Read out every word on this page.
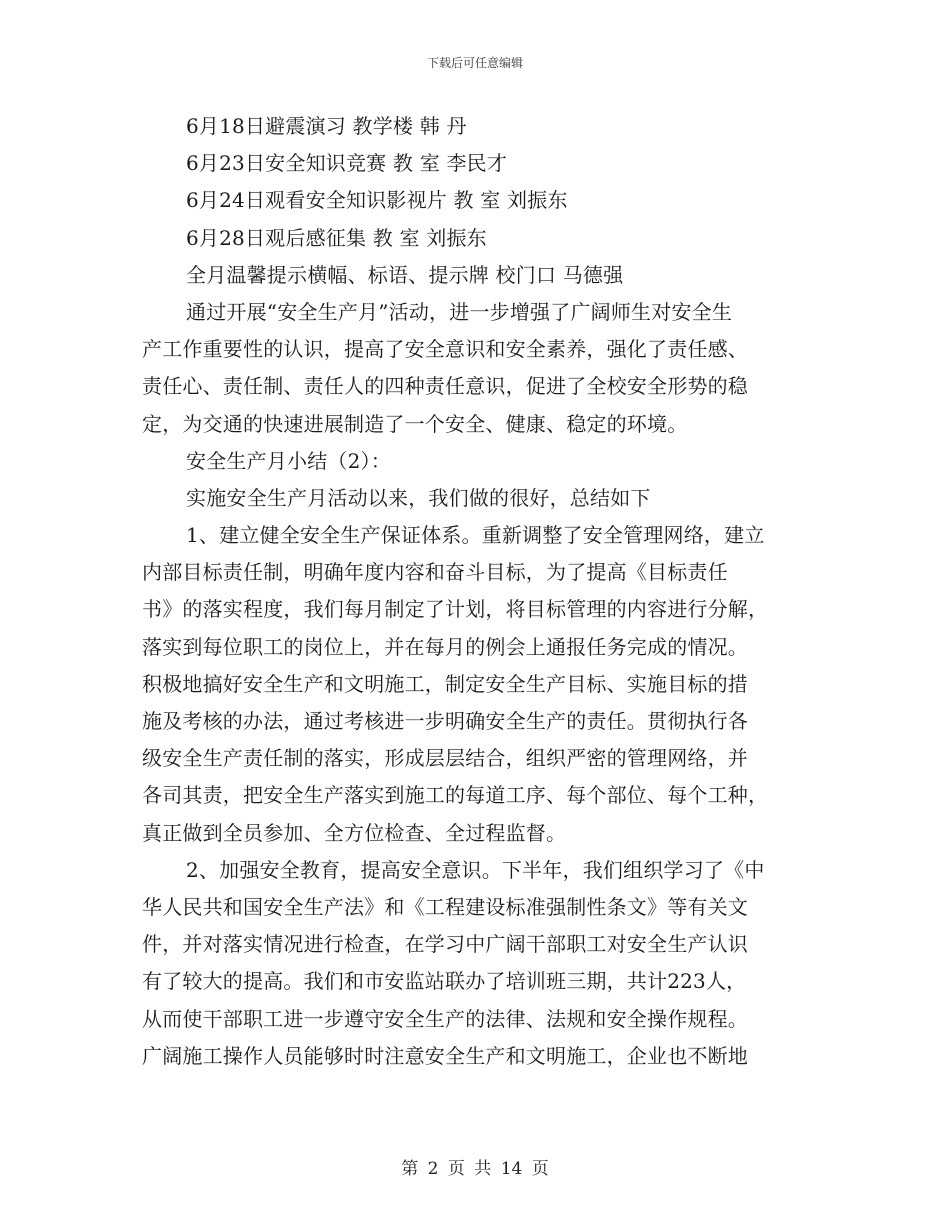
下载后可任意编辑
6月18日避震演习 教学楼 韩 丹
6月23日安全知识竞赛 教 室 李民才
6月24日观看安全知识影视片 教 室 刘振东
6月28日观后感征集 教 室 刘振东
全月温馨提示横幅、标语、提示牌 校门口 马德强
通过开展“安全生产月”活动，进一步增强了广阔师生对安全生
产工作重要性的认识，提高了安全意识和安全素养，强化了责任感、
责任心、责任制、责任人的四种责任意识，促进了全校安全形势的稳
定，为交通的快速进展制造了一个安全、健康、稳定的环境。
安全生产月小结（2）：
实施安全生产月活动以来，我们做的很好，总结如下
1、建立健全安全生产保证体系。重新调整了安全管理网络，建立
内部目标责任制，明确年度内容和奋斗目标，为了提高《目标责任
书》的落实程度，我们每月制定了计划，将目标管理的内容进行分解，
落实到每位职工的岗位上，并在每月的例会上通报任务完成的情况。
积极地搞好安全生产和文明施工，制定安全生产目标、实施目标的措
施及考核的办法，通过考核进一步明确安全生产的责任。贯彻执行各
级安全生产责任制的落实，形成层层结合，组织严密的管理网络，并
各司其责，把安全生产落实到施工的每道工序、每个部位、每个工种，
真正做到全员参加、全方位检查、全过程监督。
2、加强安全教育，提高安全意识。下半年，我们组织学习了《中
华人民共和国安全生产法》和《工程建设标准强制性条文》等有关文
件，并对落实情况进行检查，在学习中广阔干部职工对安全生产认识
有了较大的提高。我们和市安监站联办了培训班三期，共计223人，
从而使干部职工进一步遵守安全生产的法律、法规和安全操作规程。
广阔施工操作人员能够时时注意安全生产和文明施工，企业也不断地
第 2 页 共 14 页
